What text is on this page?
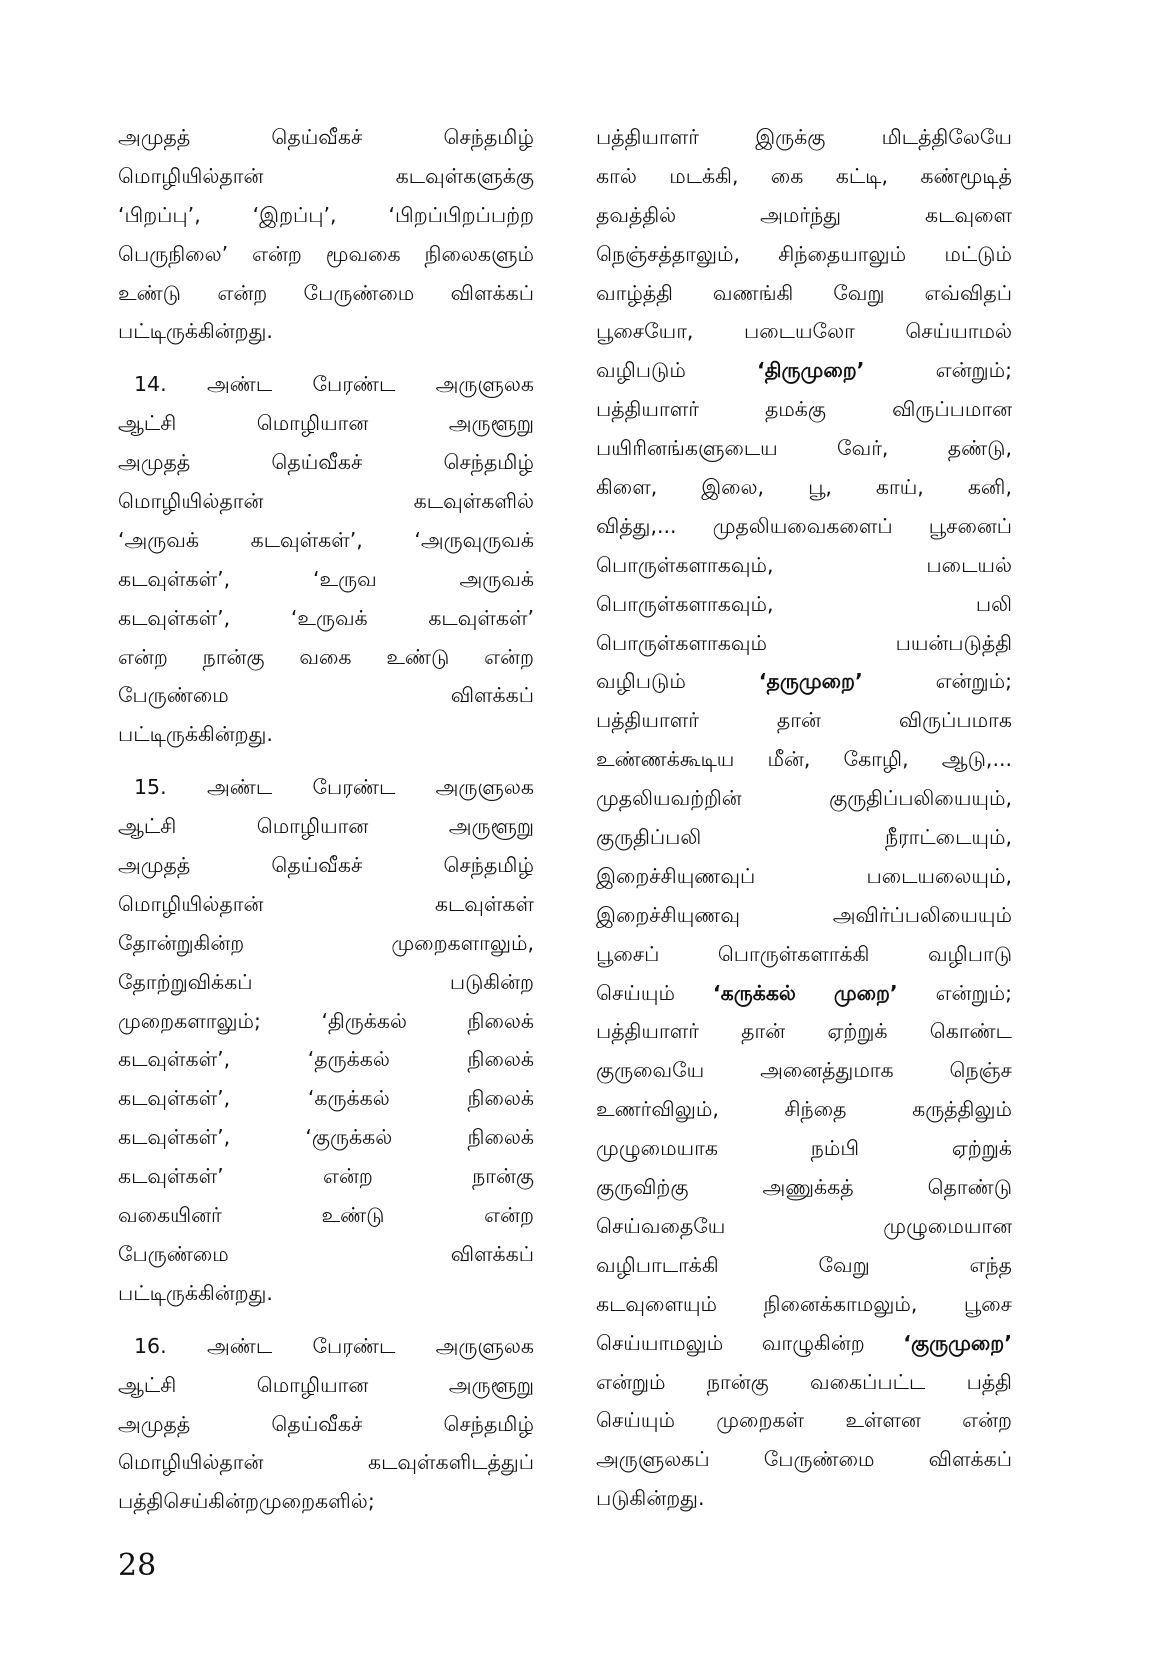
அமுதத்	தெய்வீகச்	செந்தமிழ்
மொழியில்தான்	கடவுள்களுக்கு
‘பிறப்பு’,	‘இறப்பு’,	‘பிறப்பிறப்பற்ற
பெருநிலை’ என்ற மூவகை நிலைகளும்
உண்டு என்ற பேருண்மை விளக்கப்
பட்டிருக்கின்றது.
14. அண்ட பேரண்ட அருளுலக
ஆட்சி	மொழியான	அருளூறு
அமுதத்	தெய்வீகச்	செந்தமிழ்
மொழியில்தான்	கடவுள்களில்
‘அருவக்	கடவுள்கள்’,	‘அருவுருவக்
கடவுள்கள்’,	‘உருவ	அருவக்
கடவுள்கள்’,	‘உருவக்	கடவுள்கள்’
என்ற நான்கு வகை உண்டு என்ற
பேருண்மை	விளக்கப்
பட்டிருக்கின்றது.
15. அண்ட பேரண்ட அருளுலக
ஆட்சி	மொழியான	அருளூறு
அமுதத்	தெய்வீகச்	செந்தமிழ்
மொழியில்தான்	கடவுள்கள்
தோன்றுகின்ற	முறைகளாலும்,
தோற்றுவிக்கப்	படுகின்ற
முறைகளாலும்;	‘திருக்கல்	நிலைக்
கடவுள்கள்’,	‘தருக்கல்	நிலைக்
கடவுள்கள்’,	‘கருக்கல்	நிலைக்
கடவுள்கள்’,	‘குருக்கல்	நிலைக்
கடவுள்கள்’	என்ற	நான்கு
வகையினர்	உண்டு	என்ற
பேருண்மை	விளக்கப்
பட்டிருக்கின்றது.
16. அண்ட பேரண்ட அருளுலக
ஆட்சி	மொழியான	அருளூறு
அமுதத்	தெய்வீகச்	செந்தமிழ்
மொழியில்தான்	கடவுள்களிடத்துப்
பத்தி செய்கின்ற முறைகளில்;
பத்தியாளர்	இருக்கு	மிடத்திலேயே
கால் மடக்கி, கை கட்டி, கண்மூடித்
தவத்தில்	அமர்ந்து	கடவுளை
நெஞ்சத்தாலும், சிந்தையாலும் மட்டும்
வாழ்த்தி வணங்கி வேறு எவ்விதப்
பூசையோ, படையலோ செய்யாமல்
வழிபடும்	‘திருமுறை’	என்றும்;
பத்தியாளர்	தமக்கு	விருப்பமான
பயிரினங்களுடைய	வேர்,	தண்டு,
கிளை, இலை, பூ, காய், கனி,
வித்து,... முதலியவைகளைப் பூசனைப்
பொருள்களாகவும்,	படையல்
பொருள்களாகவும்,	பலி
பொருள்களாகவும்	பயன்படுத்தி
வழிபடும்	‘தருமுறை’	என்றும்;
பத்தியாளர்	தான்	விருப்பமாக
உண்ணக்கூடிய மீன், கோழி, ஆடு,...
முதலியவற்றின்	குருதிப்பலியையும்,
குருதிப்பலி	நீராட்டையும்,
இறைச்சியுணவுப்	படையலையும்,
இறைச்சியுணவு	அவிர்ப்பலியையும்
பூசைப்	பொருள்களாக்கி	வழிபாடு
செய்யும் ‘கருக்கல் முறை’ என்றும்;
பத்தியாளர் தான் ஏற்றுக் கொண்ட
குருவையே	அனைத்துமாக	நெஞ்ச
உணர்விலும்,	சிந்தை	கருத்திலும்
முழுமையாக	நம்பி	ஏற்றுக்
குருவிற்கு	அணுக்கத்	தொண்டு
செய்வதையே	முழுமையான
வழிபாடாக்கி	வேறு	எந்த
கடவுளையும் நினைக்காமலும், பூசை
செய்யாமலும் வாழுகின்ற ‘குருமுறை’
என்றும் நான்கு வகைப்பட்ட பத்தி
செய்யும் முறைகள் உள்ளன என்ற
அருளுலகப்	பேருண்மை	விளக்கப்
படுகின்றது.
28
